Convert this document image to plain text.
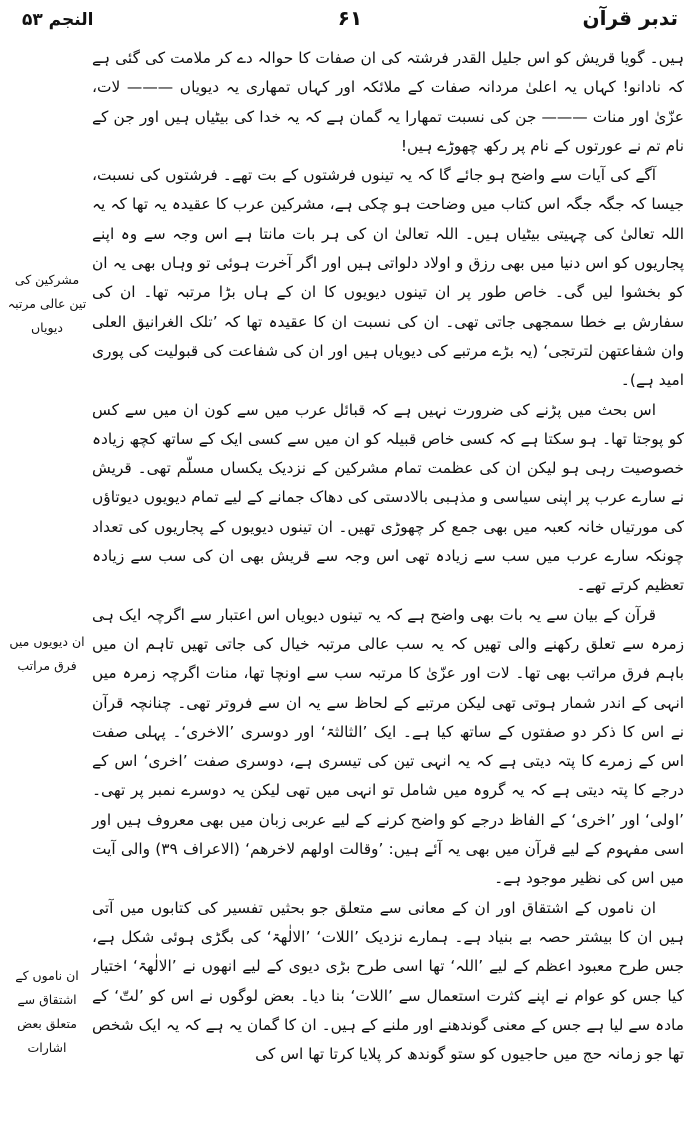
النجم ۵۳	۶۱	تدبر قرآن
مشرکین کی تین عالی مرتبہ دیویاں
ان دیویوں میں فرق مراتب
ان ناموں کے اشتقاق سے متعلق بعض اشارات

ہیں۔ گویا قریش کو اس جلیل القدر فرشتہ کی ان صفات کا حوالہ دے کر ملامت کی گئی ہے کہ نادانو! کہاں یہ اعلیٰ مردانہ صفات کے ملائکہ اور کہاں تمھاری یہ دیویاں ——— لات، عزّیٰ اور منات ——— جن کی نسبت تمھارا یہ گمان ہے کہ یہ خدا کی بیٹیاں ہیں اور جن کے نام تم نے عورتوں کے نام پر رکھ چھوڑے ہیں!

آگے کی آیات سے واضح ہو جائے گا کہ یہ تینوں فرشتوں کے بت تھے۔ فرشتوں کی نسبت، جیسا کہ جگہ جگہ اس کتاب میں وضاحت ہو چکی ہے، مشرکین عرب کا عقیدہ یہ تھا کہ یہ اللہ تعالیٰ کی چہیتی بیٹیاں ہیں۔ اللہ تعالیٰ ان کی ہر بات مانتا ہے اس وجہ سے وہ اپنے پجاریوں کو اس دنیا میں بھی رزق و اولاد دلواتی ہیں اور اگر آخرت ہوئی تو وہاں بھی یہ ان کو بخشوا لیں گی۔ خاص طور پر ان تینوں دیویوں کا ان کے ہاں بڑا مرتبہ تھا۔ ان کی سفارش بے خطا سمجھی جاتی تھی۔ ان کی نسبت ان کا عقیدہ تھا کہ ’تلک الغرانیق العلی وان شفاعتھن لترتجی‘ (یہ بڑے مرتبے کی دیویاں ہیں اور ان کی شفاعت کی قبولیت کی پوری امید ہے)۔

اس بحث میں پڑنے کی ضرورت نہیں ہے کہ قبائل عرب میں سے کون ان میں سے کس کو پوجتا تھا۔ ہو سکتا ہے کہ کسی خاص قبیلہ کو ان میں سے کسی ایک کے ساتھ کچھ زیادہ خصوصیت رہی ہو لیکن ان کی عظمت تمام مشرکین کے نزدیک یکساں مسلّم تھی۔ قریش نے سارے عرب پر اپنی سیاسی و مذہبی بالادستی کی دھاک جمانے کے لیے تمام دیویوں دیوتاؤں کی مورتیاں خانہ کعبہ میں بھی جمع کر چھوڑی تھیں۔ ان تینوں دیویوں کے پجاریوں کی تعداد چونکہ سارے عرب میں سب سے زیادہ تھی اس وجہ سے قریش بھی ان کی سب سے زیادہ تعظیم کرتے تھے۔

قرآن کے بیان سے یہ بات بھی واضح ہے کہ یہ تینوں دیویاں اس اعتبار سے اگرچہ ایک ہی زمرہ سے تعلق رکھنے والی تھیں کہ یہ سب عالی مرتبہ خیال کی جاتی تھیں تاہم ان میں باہم فرق مراتب بھی تھا۔ لات اور عزّیٰ کا مرتبہ سب سے اونچا تھا، منات اگرچہ زمرہ میں انہی کے اندر شمار ہوتی تھی لیکن مرتبے کے لحاظ سے یہ ان سے فروتر تھی۔ چنانچہ قرآن نے اس کا ذکر دو صفتوں کے ساتھ کیا ہے۔ ایک ’الثالثۃ‘ اور دوسری ’الاخری‘۔ پہلی صفت اس کے زمرے کا پتہ دیتی ہے کہ یہ انہی تین کی تیسری ہے، دوسری صفت ’اخری‘ اس کے درجے کا پتہ دیتی ہے کہ یہ گروہ میں شامل تو انہی میں تھی لیکن یہ دوسرے نمبر پر تھی۔ ’اولی‘ اور ’اخری‘ کے الفاظ درجے کو واضح کرنے کے لیے عربی زبان میں بھی معروف ہیں اور اسی مفہوم کے لیے قرآن میں بھی یہ آئے ہیں: ’وقالت اولھم لاخرھم‘ (الاعراف ۳۹) والی آیت میں اس کی نظیر موجود ہے۔

ان ناموں کے اشتقاق اور ان کے معانی سے متعلق جو بحثیں تفسیر کی کتابوں میں آتی ہیں ان کا بیشتر حصہ بے بنیاد ہے۔ ہمارے نزدیک ’اللات‘ ’الالٰھۃ‘ کی بگڑی ہوئی شکل ہے، جس طرح معبود اعظم کے لیے ’اللہ‘ تھا اسی طرح بڑی دیوی کے لیے انھوں نے ’الالٰھۃ‘ اختیار کیا جس کو عوام نے اپنے کثرت استعمال سے ’اللات‘ بنا دیا۔ بعض لوگوں نے اس کو ’لتّ‘ کے مادہ سے لیا ہے جس کے معنی گوندھنے اور ملنے کے ہیں۔ ان کا گمان یہ ہے کہ یہ ایک شخص تھا جو زمانہ حج میں حاجیوں کو ستو گوندھ کر پلایا کرتا تھا اس کی
